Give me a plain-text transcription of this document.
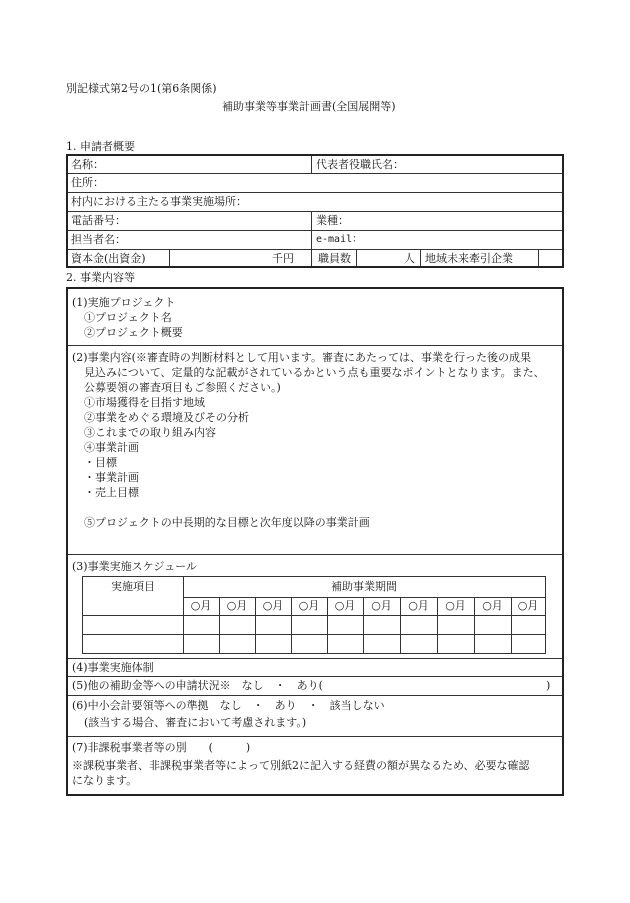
別記様式第2号の1(第6条関係)
補助事業等事業計画書(全国展開等)
1. 申請者概要
名称：	代表者役職氏名：
住所：
村内における主たる事業実施場所：
電話番号：	業種：
担当者名：	e-mail：
資本金(出資金)	千円 職員数	人 地域未来牽引企業
2. 事業内容等
(1)実施プロジェクト
①プロジェクト名
②プロジェクト概要
(2)事業内容(※審査時の判断材料として用います。審査にあたっては、事業を行った後の成果
見込みについて、定量的な記載がされているかという点も重要なポイントとなります。また、
公募要領の審査項目もご参照ください。)
①市場獲得を目指す地域
②事業をめぐる環境及びその分析
③これまでの取り組み内容
④事業計画
・目標
・事業計画
・売上目標
⑤プロジェクトの中長期的な目標と次年度以降の事業計画
(3)事業実施スケジュール
実施項目	補助事業期間
○月	○月	○月	○月	○月	○月	○月	○月	○月	○月
(4)事業実施体制
(5)他の補助金等への申請状況※　なし　・　あり(	)
(6)中小会計要領等への準拠　なし　・　あり　・　該当しない
(該当する場合、審査において考慮されます。)
(7)非課税事業者等の別　　(　　　)
※課税事業者、非課税事業者等によって別紙2に記入する経費の額が異なるため、必要な確認
になります。
